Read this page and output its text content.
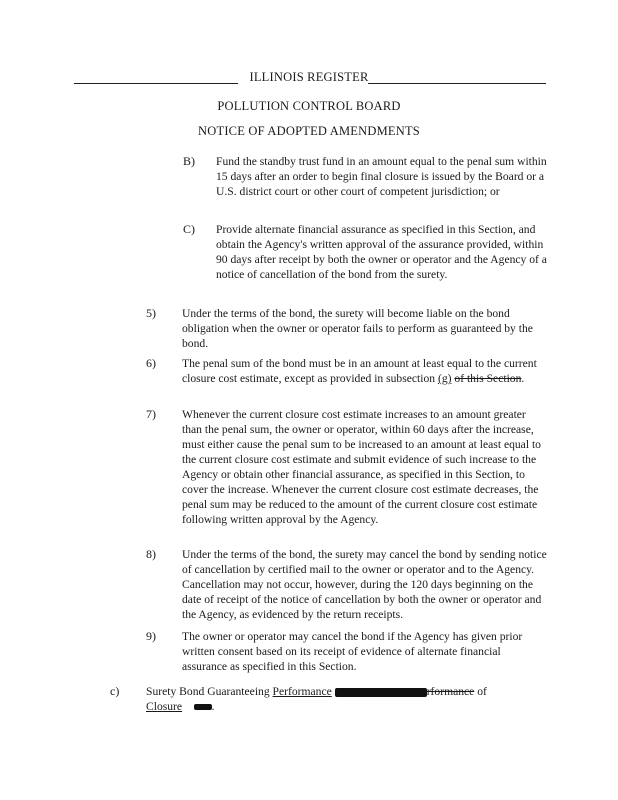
ILLINOIS REGISTER
POLLUTION CONTROL BOARD
NOTICE OF ADOPTED AMENDMENTS
B) Fund the standby trust fund in an amount equal to the penal sum within 15 days after an order to begin final closure is issued by the Board or a U.S. district court or other court of competent jurisdiction; or
C) Provide alternate financial assurance as specified in this Section, and obtain the Agency's written approval of the assurance provided, within 90 days after receipt by both the owner or operator and the Agency of a notice of cancellation of the bond from the surety.
5) Under the terms of the bond, the surety will become liable on the bond obligation when the owner or operator fails to perform as guaranteed by the bond.
6) The penal sum of the bond must be in an amount at least equal to the current closure cost estimate, except as provided in subsection (g) of this Section.
7) Whenever the current closure cost estimate increases to an amount greater than the penal sum, the owner or operator, within 60 days after the increase, must either cause the penal sum to be increased to an amount at least equal to the current closure cost estimate and submit evidence of such increase to the Agency or obtain other financial assurance, as specified in this Section, to cover the increase. Whenever the current closure cost estimate decreases, the penal sum may be reduced to the amount of the current closure cost estimate following written approval by the Agency.
8) Under the terms of the bond, the surety may cancel the bond by sending notice of cancellation by certified mail to the owner or operator and to the Agency. Cancellation may not occur, however, during the 120 days beginning on the date of receipt of the notice of cancellation by both the owner or operator and the Agency, as evidenced by the return receipts.
9) The owner or operator may cancel the bond if the Agency has given prior written consent based on its receipt of evidence of alternate financial assurance as specified in this Section.
c) Surety Bond Guaranteeing Performance	rformance of
Closure	.
